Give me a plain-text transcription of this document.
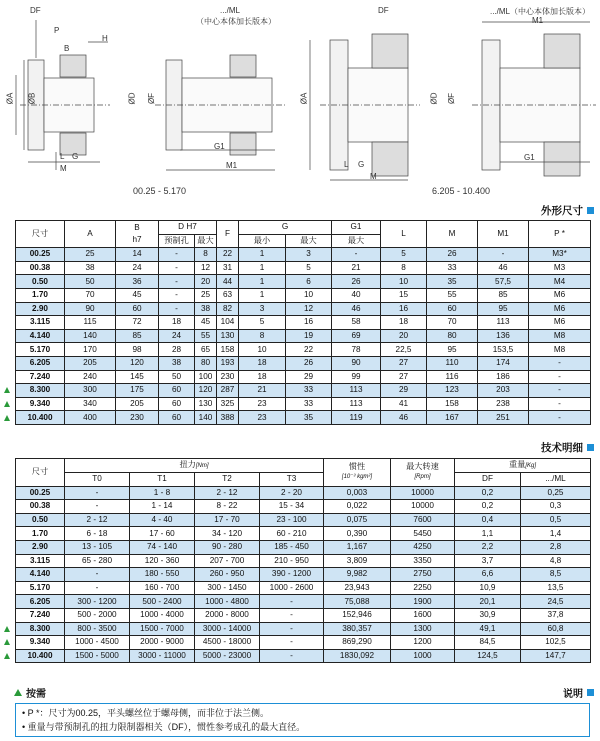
DF	.../ML
（中心本体加长版本）
P
B
H
ØA ØB	ØD ØF
L G
M
G1
M1
DF	.../ML（中心本体加长版本）
M1
ØA	ØD ØF
L G
M
G1
00.25 - 5.170	6.205 - 10.400
外形尺寸
尺寸	A	B
h7	D H7		F	G		G1	L	M	M1	P *
			预制孔	最大		最小	最大	最大				
00.25	25	14	-	8	22	1	3	-	5	26	-	M3*
00.38	38	24	-	12	31	1	5	21	8	33	46	M3
0.50	50	36	-	20	44	1	6	26	10	35	57,5	M4
1.70	70	45	-	25	63	1	10	40	15	55	85	M6
2.90	90	60	-	38	82	3	12	46	16	60	95	M6
3.115	115	72	18	45	104	5	16	58	18	70	113	M6
4.140	140	85	24	55	130	8	19	69	20	80	136	M8
5.170	170	98	28	65	158	10	22	78	22,5	95	153,5	M8
6.205	205	120	38	80	193	18	26	90	27	110	174	-
7.240	240	145	50	100	230	18	29	99	27	116	186	-
8.300	300	175	60	120	287	21	33	113	29	123	203	-
9.340	340	205	60	130	325	23	33	113	41	158	238	-
10.400	400	230	60	140	388	23	35	119	46	167	251	-
技术明细
尺寸	扭力[Nm]				惯性
[10⁻³ kgm²]	最大转速
[Rpm]	重量[Kg]	
	T0	T1	T2	T3			DF	.../ML
00.25	-	1 - 8	2 - 12	2 - 20	0,003	10000	0,2	0,25
00.38	-	1 - 14	8 - 22	15 - 34	0,022	10000	0,2	0,3
0.50	2 - 12	4 - 40	17 - 70	23 - 100	0,075	7600	0,4	0,5
1.70	6 - 18	17 - 60	34 - 120	60 - 210	0,390	5450	1,1	1,4
2.90	13 - 105	74 - 140	90 - 280	185 - 450	1,167	4250	2,2	2,8
3.115	65 - 280	120 - 360	207 - 700	210 - 950	3,809	3350	3,7	4,8
4.140	-	180 - 550	260 - 950	390 - 1200	9,982	2750	6,6	8,5
5.170	-	160 - 700	300 - 1450	1000 - 2600	23,943	2250	10,9	13,5
6.205	300 - 1200	500 - 2400	1000 - 4800	-	75,088	1900	20,1	24,5
7.240	500 - 2000	1000 - 4000	2000 - 8000	-	152,946	1600	30,9	37,8
8.300	800 - 3500	1500 - 7000	3000 - 14000	-	380,357	1300	49,1	60,8
9.340	1000 - 4500	2000 - 9000	4500 - 18000	-	869,290	1200	84,5	102,5
10.400	1500 - 5000	3000 - 11000	5000 - 23000	-	1830,092	1000	124,5	147,7
按需	说明
• P *：尺寸为00.25，平头螺丝位于螺母侧，而非位于法兰侧。
• 重量与带预制孔的扭力限制器相关（DF），惯性参考成孔的最大直径。
